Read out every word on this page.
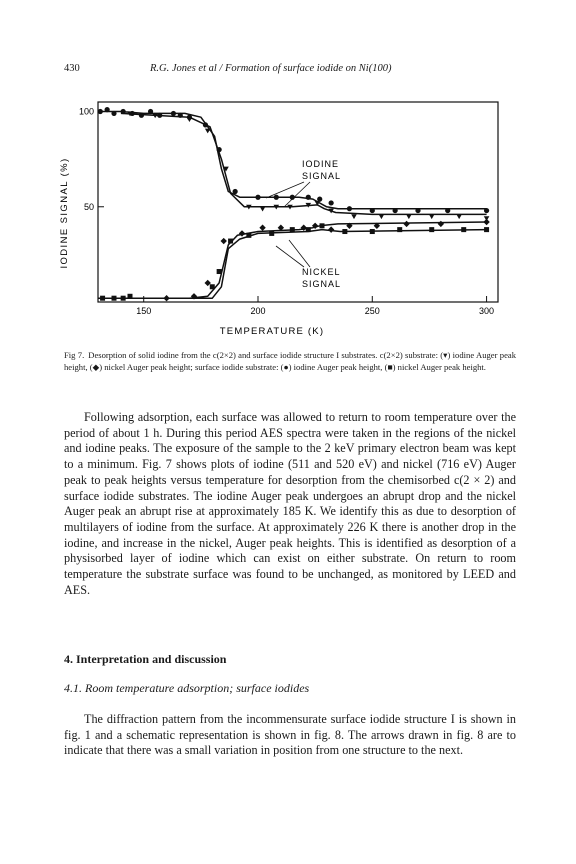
430	R.G. Jones et al / Formation of surface iodide on Ni(100)
150	200	250	300
50
100
IODINE SIGNAL (%)
TEMPERATURE (K)
IODINE
SIGNAL
NICKEL
SIGNAL
Fig 7. Desorption of solid iodine from the c(2×2) and surface iodide structure I substrates. c(2×2) substrate: (▾) iodine Auger peak height, (◆) nickel Auger peak height; surface iodide substrate: (●) iodine Auger peak height, (■) nickel Auger peak height.

Following adsorption, each surface was allowed to return to room temperature over the period of about 1 h. During this period AES spectra were taken in the regions of the nickel and iodine peaks. The exposure of the sample to the 2 keV primary electron beam was kept to a minimum. Fig. 7 shows plots of iodine (511 and 520 eV) and nickel (716 eV) Auger peak to peak heights versus temperature for desorption from the chemisorbed c(2 × 2) and surface iodide substrates. The iodine Auger peak undergoes an abrupt drop and the nickel Auger peak an abrupt rise at approximately 185 K. We identify this as due to desorption of multilayers of iodine from the surface. At approximately 226 K there is another drop in the iodine, and increase in the nickel, Auger peak heights. This is identified as desorption of a physisorbed layer of iodine which can exist on either substrate. On return to room temperature the substrate surface was found to be unchanged, as monitored by LEED and AES.

4. Interpretation and discussion
4.1. Room temperature adsorption; surface iodides

The diffraction pattern from the incommensurate surface iodide structure I is shown in fig. 1 and a schematic representation is shown in fig. 8. The arrows drawn in fig. 8 are to indicate that there was a small variation in position from one structure to the next.
